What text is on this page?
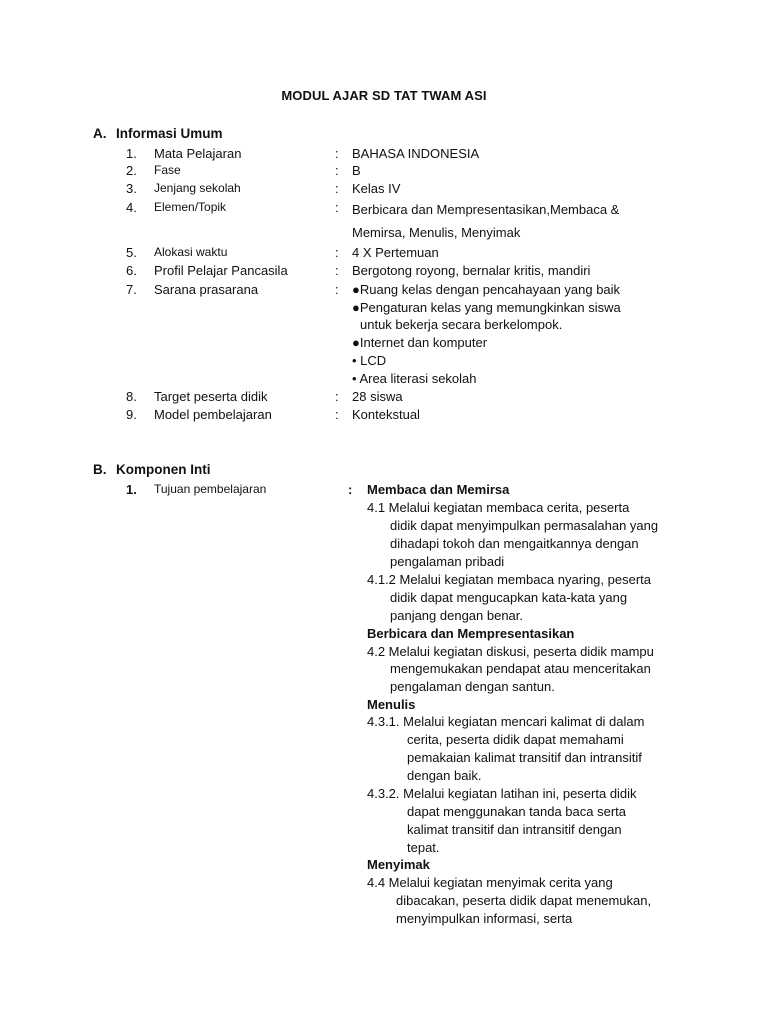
MODUL AJAR SD TAT TWAM ASI
A. Informasi Umum
1. Mata Pelajaran	: BAHASA INDONESIA
2. Fase	: B
3. Jenjang sekolah	: Kelas IV
4. Elemen/Topik	: Berbicara dan Mempresentasikan,Membaca &
Memirsa, Menulis, Menyimak
5. Alokasi waktu	: 4 X Pertemuan
6. Profil Pelajar Pancasila	: Bergotong royong, bernalar kritis, mandiri
7. Sarana prasarana	: ●Ruang kelas dengan pencahayaan yang baik
●Pengaturan kelas yang memungkinkan siswa
untuk bekerja secara berkelompok.
●Internet dan komputer
• LCD
• Area literasi sekolah
8. Target peserta didik	: 28 siswa
9. Model pembelajaran	: Kontekstual
B. Komponen Inti
1. Tujuan pembelajaran	: Membaca dan Memirsa
4.1 Melalui kegiatan membaca cerita, peserta
didik dapat menyimpulkan permasalahan yang
dihadapi tokoh dan mengaitkannya dengan
pengalaman pribadi
4.1.2 Melalui kegiatan membaca nyaring, peserta
didik dapat mengucapkan kata-kata yang
panjang dengan benar.
Berbicara dan Mempresentasikan
4.2 Melalui kegiatan diskusi, peserta didik mampu
mengemukakan pendapat atau menceritakan
pengalaman dengan santun.
Menulis
4.3.1. Melalui kegiatan mencari kalimat di dalam
cerita, peserta didik dapat memahami
pemakaian kalimat transitif dan intransitif
dengan baik.
4.3.2. Melalui kegiatan latihan ini, peserta didik
dapat menggunakan tanda baca serta
kalimat transitif dan intransitif dengan
tepat.
Menyimak
4.4 Melalui kegiatan menyimak cerita yang
dibacakan, peserta didik dapat menemukan,
menyimpulkan informasi, serta
